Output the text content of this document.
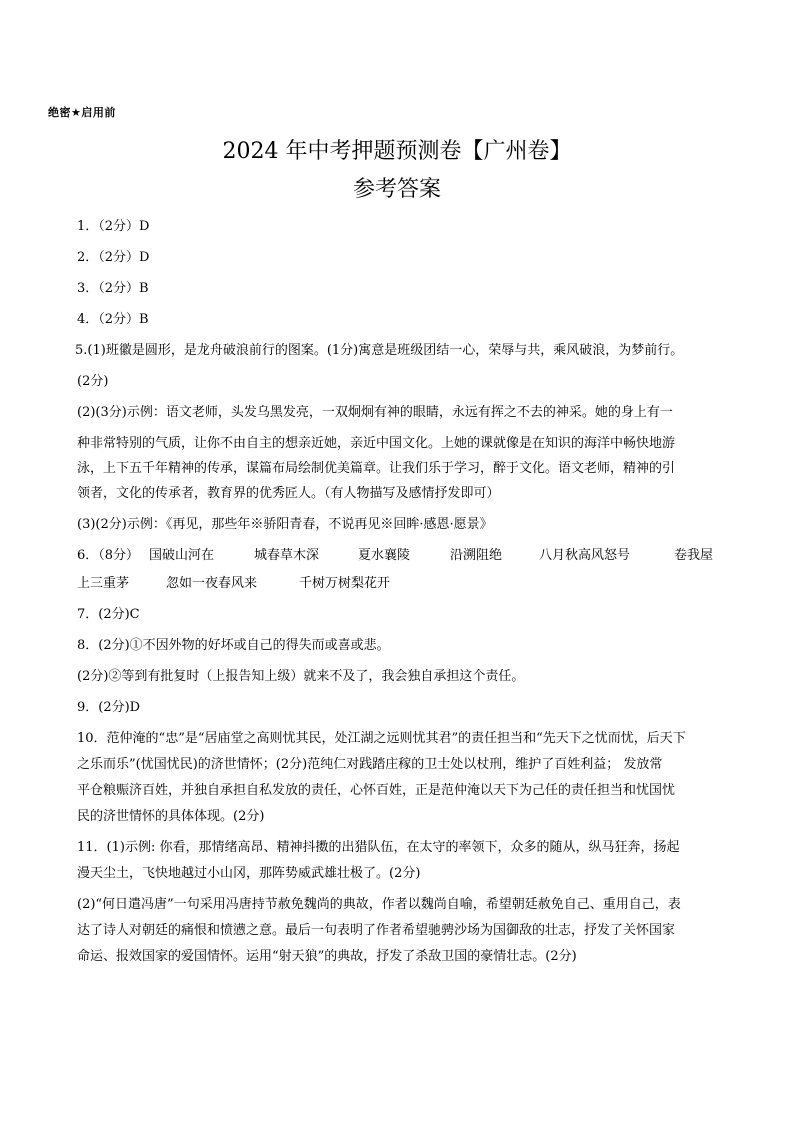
绝密★启用前
2024 年中考押题预测卷【广州卷】
参考答案
1．（2分）D
2．（2分）D
3．（2分）B
4．（2分）B
5.(1)班徽是圆形，是龙舟破浪前行的图案。(1分)寓意是班级团结一心，荣辱与共，乘风破浪，为梦前行。
(2分)
(2)(3分)示例：语文老师，头发乌黑发亮，一双炯炯有神的眼睛，永远有挥之不去的神采。她的身上有一
种非常特别的气质，让你不由自主的想亲近她，亲近中国文化。上她的课就像是在知识的海洋中畅快地游
泳，上下五千年精神的传承，谋篇布局绘制优美篇章。让我们乐于学习，醉于文化。语文老师，精神的引
领者，文化的传承者，教育界的优秀匠人。（有人物描写及感情抒发即可）
(3)(2分)示例：《再见，那些年※骄阳青春，不说再见※回眸·感恩·愿景》
6．（8分） 国破山河在	城春草木深	夏水襄陵	沿溯阻绝	八月秋高风怒号	卷我屋
上三重茅	忽如一夜春风来	千树万树梨花开
7．(2分)C
8．(2分)①不因外物的好坏或自己的得失而或喜或悲。
(2分)②等到有批复时（上报告知上级）就来不及了，我会独自承担这个责任。
9．(2分)D
10．范仲淹的“忠”是“居庙堂之高则忧其民，处江湖之远则忧其君”的责任担当和“先天下之忧而忧，后天下
之乐而乐”(忧国忧民)的济世情怀；(2分)范纯仁对践踏庄稼的卫士处以杖刑，维护了百姓利益； 发放常
平仓粮赈济百姓，并独自承担自私发放的责任，心怀百姓，正是范仲淹以天下为己任的责任担当和忧国忧
民的济世情怀的具体体现。(2分)
11．(1)示例: 你看，那情绪高昂、精神抖擞的出猎队伍，在太守的率领下，众多的随从，纵马狂奔，扬起
漫天尘土，飞快地越过小山冈，那阵势威武雄壮极了。(2分)
(2)“何日遣冯唐”一句采用冯唐持节赦免魏尚的典故，作者以魏尚自喻，希望朝廷赦免自己、重用自己，表
达了诗人对朝廷的痛恨和愤懑之意。最后一句表明了作者希望驰骋沙场为国御敌的壮志，抒发了关怀国家
命运、报效国家的爱国情怀。运用“射天狼”的典故，抒发了杀敌卫国的豪情壮志。(2分)
